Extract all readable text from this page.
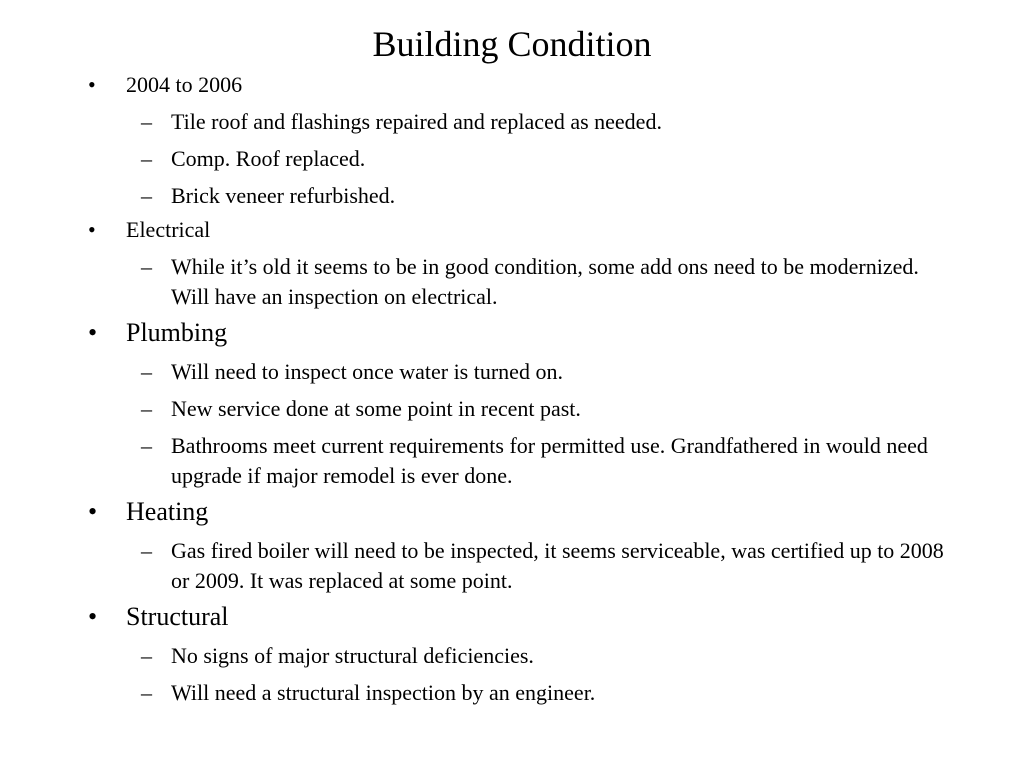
Building Condition
•	2004 to 2006
– Tile roof and flashings repaired and replaced as needed.
– Comp. Roof replaced.
– Brick veneer refurbished.
•	Electrical
– While it’s old it seems to be in good condition, some add ons need to be modernized. Will have an inspection on electrical.
•	Plumbing
– Will need to inspect once water is turned on.
– New service done at some point in recent past.
– Bathrooms meet current requirements for permitted use. Grandfathered in would need upgrade if major remodel is ever done.
•	Heating
– Gas fired boiler will need to be inspected, it seems serviceable, was certified up to 2008 or 2009. It was replaced at some point.
•	Structural
– No signs of major structural deficiencies.
– Will need a structural inspection by an engineer.
